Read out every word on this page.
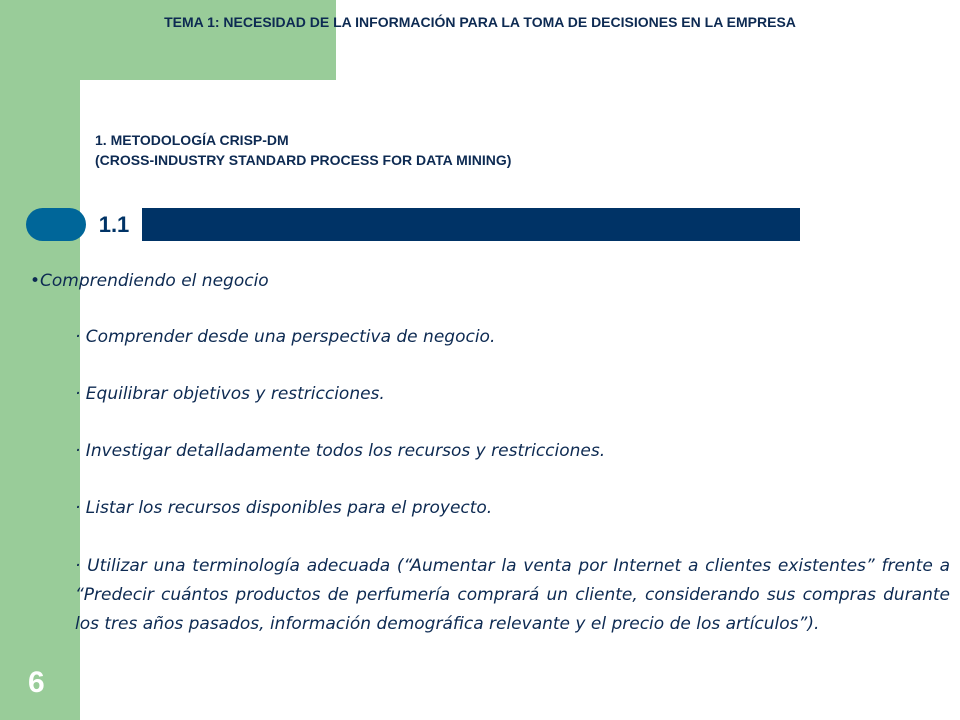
TEMA 1: NECESIDAD DE LA INFORMACIÓN PARA LA TOMA DE DECISIONES EN LA EMPRESA
1. METODOLOGÍA CRISP-DM
(CROSS-INDUSTRY STANDARD PROCESS FOR DATA MINING)
1.1
•Comprendiendo el negocio
· Comprender desde una perspectiva de negocio.
· Equilibrar objetivos y restricciones.
· Investigar detalladamente todos los recursos y restricciones.
· Listar los recursos disponibles para el proyecto.
· Utilizar una terminología adecuada (“Aumentar la venta por Internet a clientes existentes” frente a “Predecir cuántos productos de perfumería comprará un cliente, considerando sus compras durante los tres años pasados, información demográfica relevante y el precio de los artículos”).
6
